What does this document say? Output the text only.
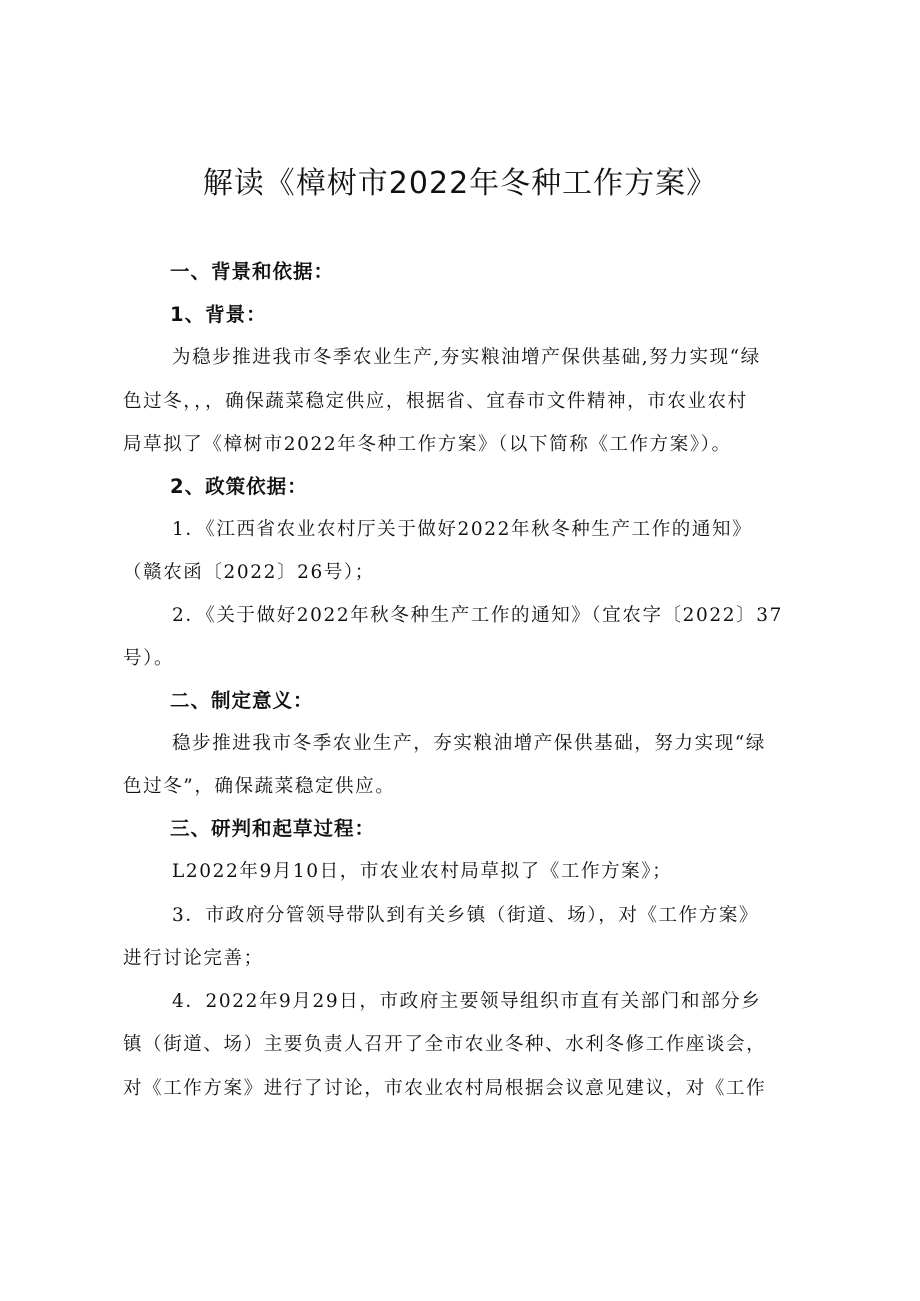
解读《樟树市2022年冬种工作方案》

一、背景和依据：

1、背景：

为稳步推进我市冬季农业生产,夯实粮油增产保供基础,努力实现“绿

色过冬，，，确保蔬菜稳定供应，根据省、宜春市文件精神，市农业农村

局草拟了《樟树市2022年冬种工作方案》（以下简称《工作方案》）。

2、政策依据：

1．《江西省农业农村厅关于做好2022年秋冬种生产工作的通知》

（赣农函〔2022〕26号）；

2．《关于做好2022年秋冬种生产工作的通知》（宜农字〔2022〕37

号）。

二、制定意义：

稳步推进我市冬季农业生产，夯实粮油增产保供基础，努力实现“绿

色过冬”，确保蔬菜稳定供应。

三、研判和起草过程：

L2022年9月10日，市农业农村局草拟了《工作方案》；

3．市政府分管领导带队到有关乡镇（街道、场），对《工作方案》

进行讨论完善；

4．2022年9月29日，市政府主要领导组织市直有关部门和部分乡

镇（街道、场）主要负责人召开了全市农业冬种、水利冬修工作座谈会，

对《工作方案》进行了讨论，市农业农村局根据会议意见建议，对《工作
